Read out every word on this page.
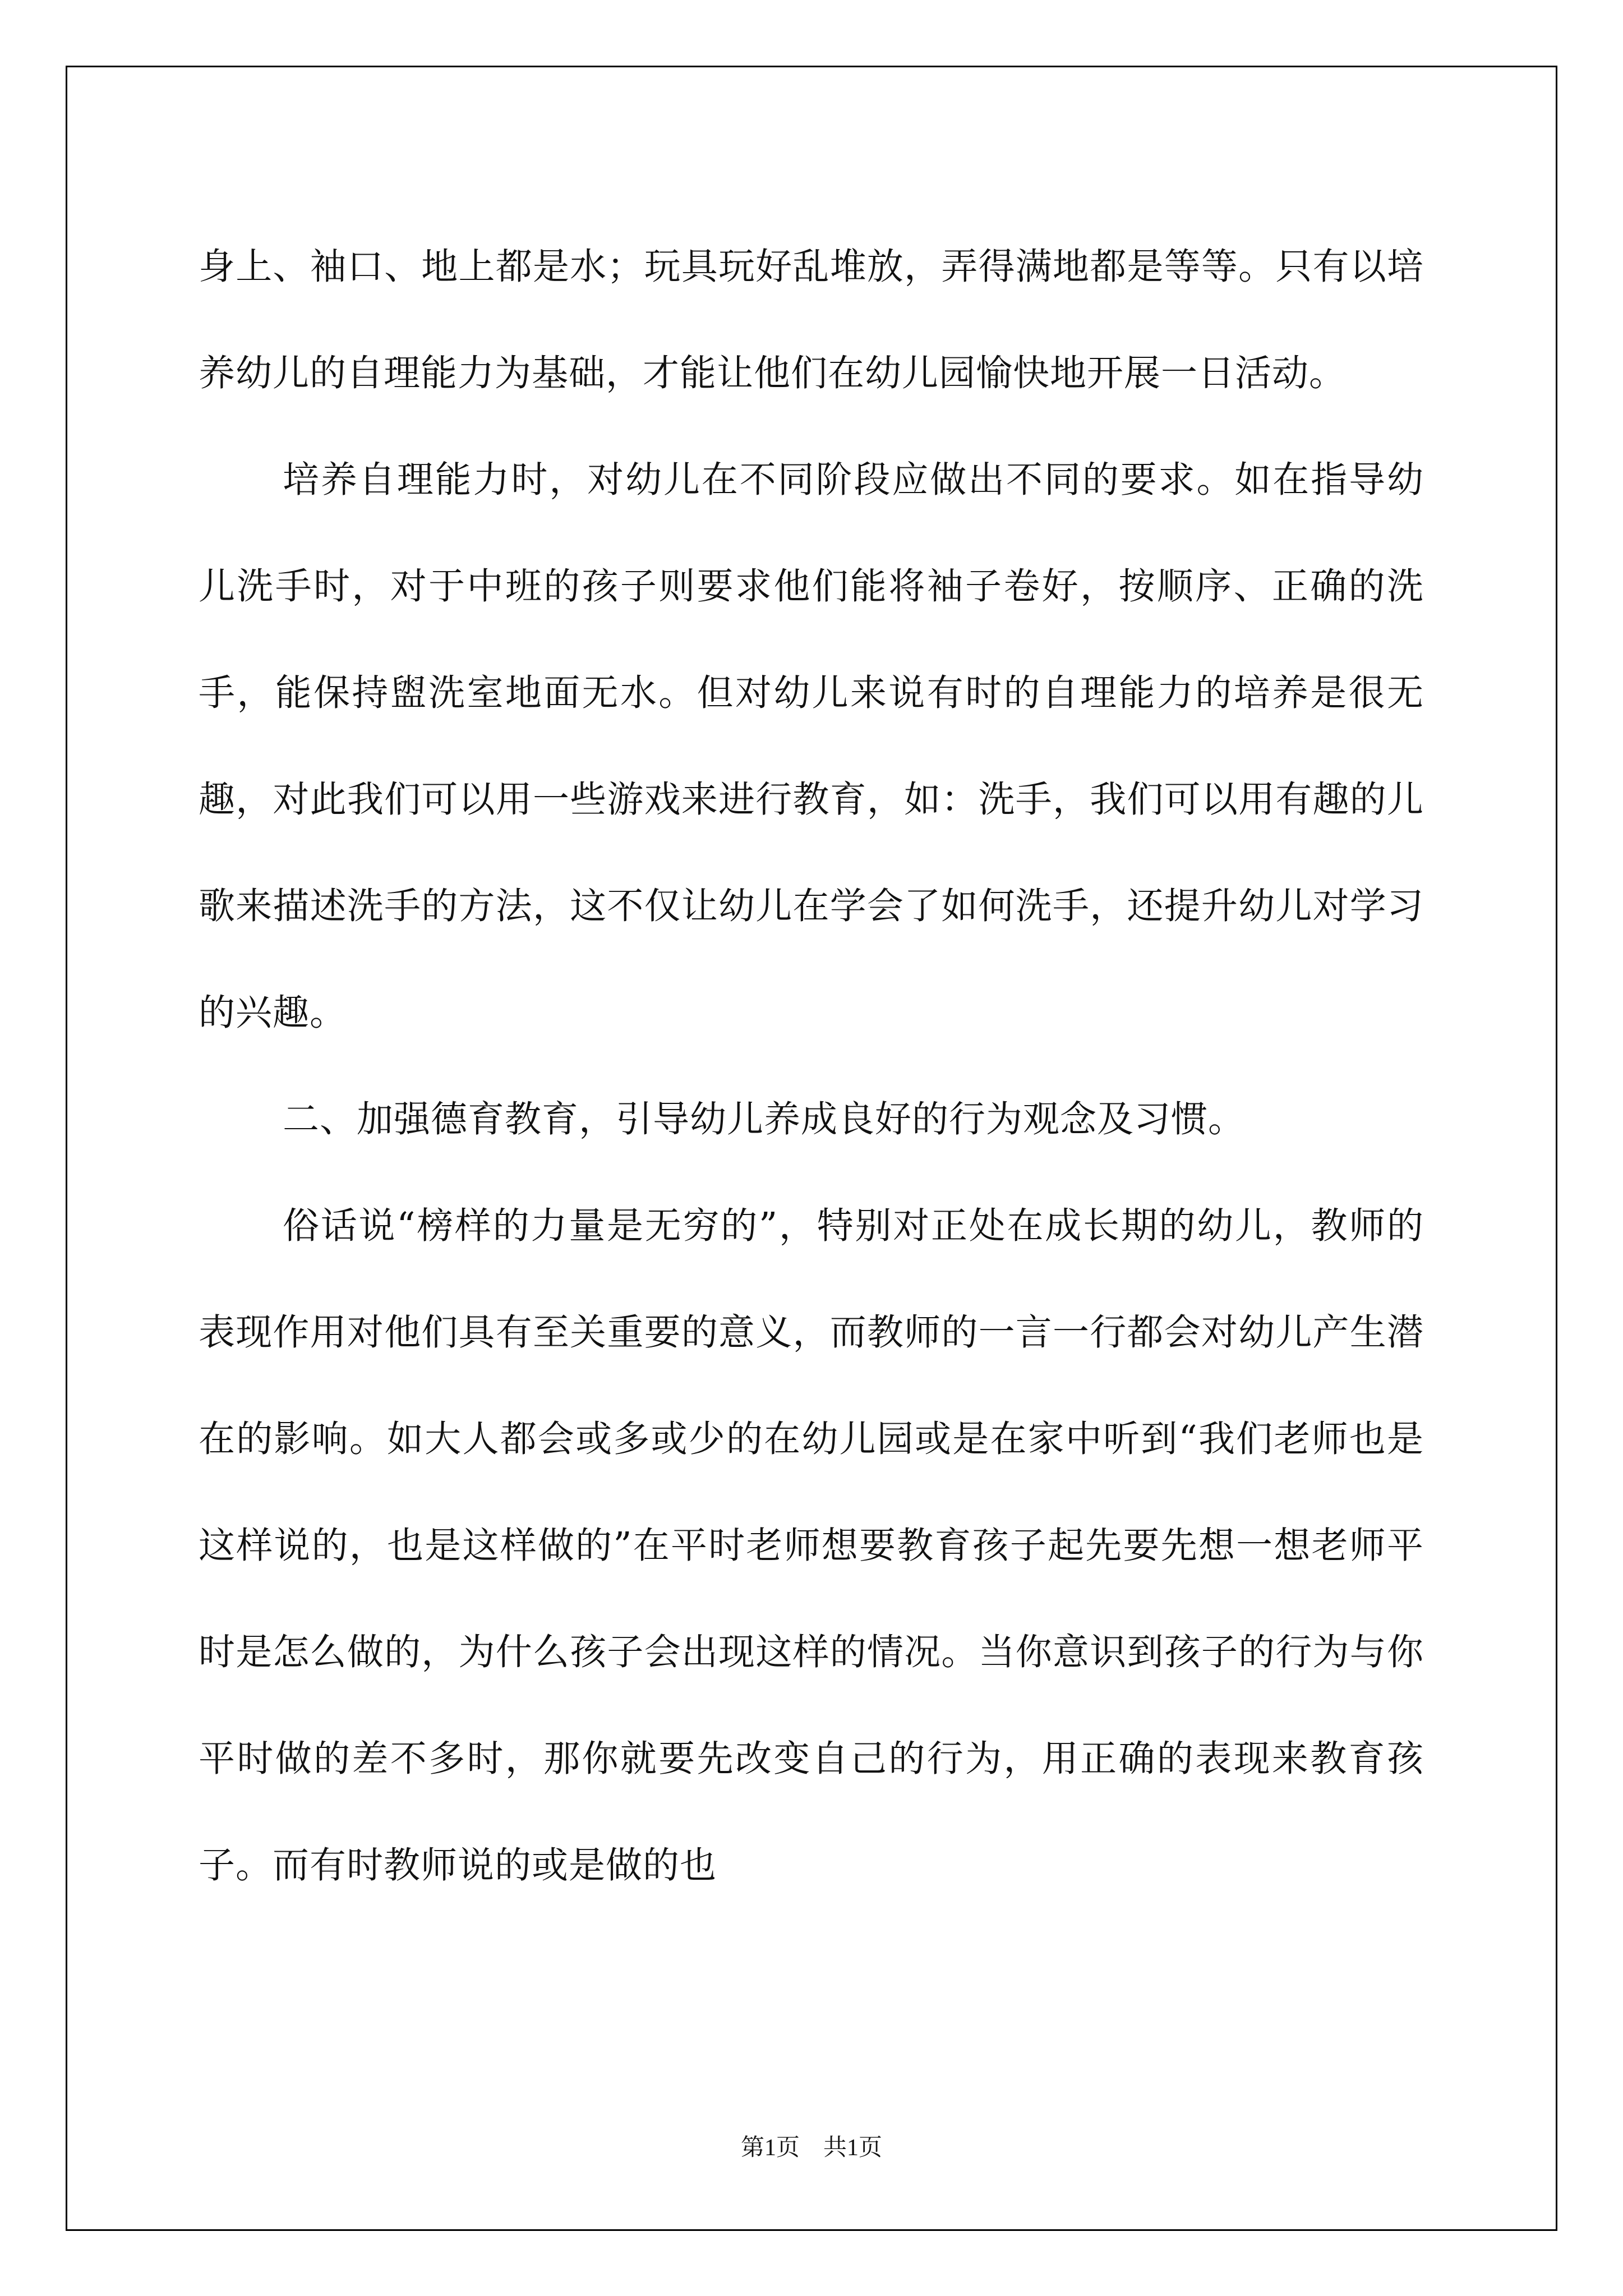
身上、袖口、地上都是水；玩具玩好乱堆放，弄得满地都是等等。只有以培养幼儿的自理能力为基础，才能让他们在幼儿园愉快地开展一日活动。

培养自理能力时，对幼儿在不同阶段应做出不同的要求。如在指导幼儿洗手时，对于中班的孩子则要求他们能将袖子卷好，按顺序、正确的洗手，能保持盥洗室地面无水。但对幼儿来说有时的自理能力的培养是很无趣，对此我们可以用一些游戏来进行教育，如：洗手，我们可以用有趣的儿歌来描述洗手的方法，这不仅让幼儿在学会了如何洗手，还提升幼儿对学习的兴趣。

二、加强德育教育，引导幼儿养成良好的行为观念及习惯。

俗话说“榜样的力量是无穷的”，特别对正处在成长期的幼儿，教师的表现作用对他们具有至关重要的意义，而教师的一言一行都会对幼儿产生潜在的影响。如大人都会或多或少的在幼儿园或是在家中听到“我们老师也是这样说的，也是这样做的”在平时老师想要教育孩子起先要先想一想老师平时是怎么做的，为什么孩子会出现这样的情况。当你意识到孩子的行为与你平时做的差不多时，那你就要先改变自己的行为，用正确的表现来教育孩子。而有时教师说的或是做的也

第1页　共1页
